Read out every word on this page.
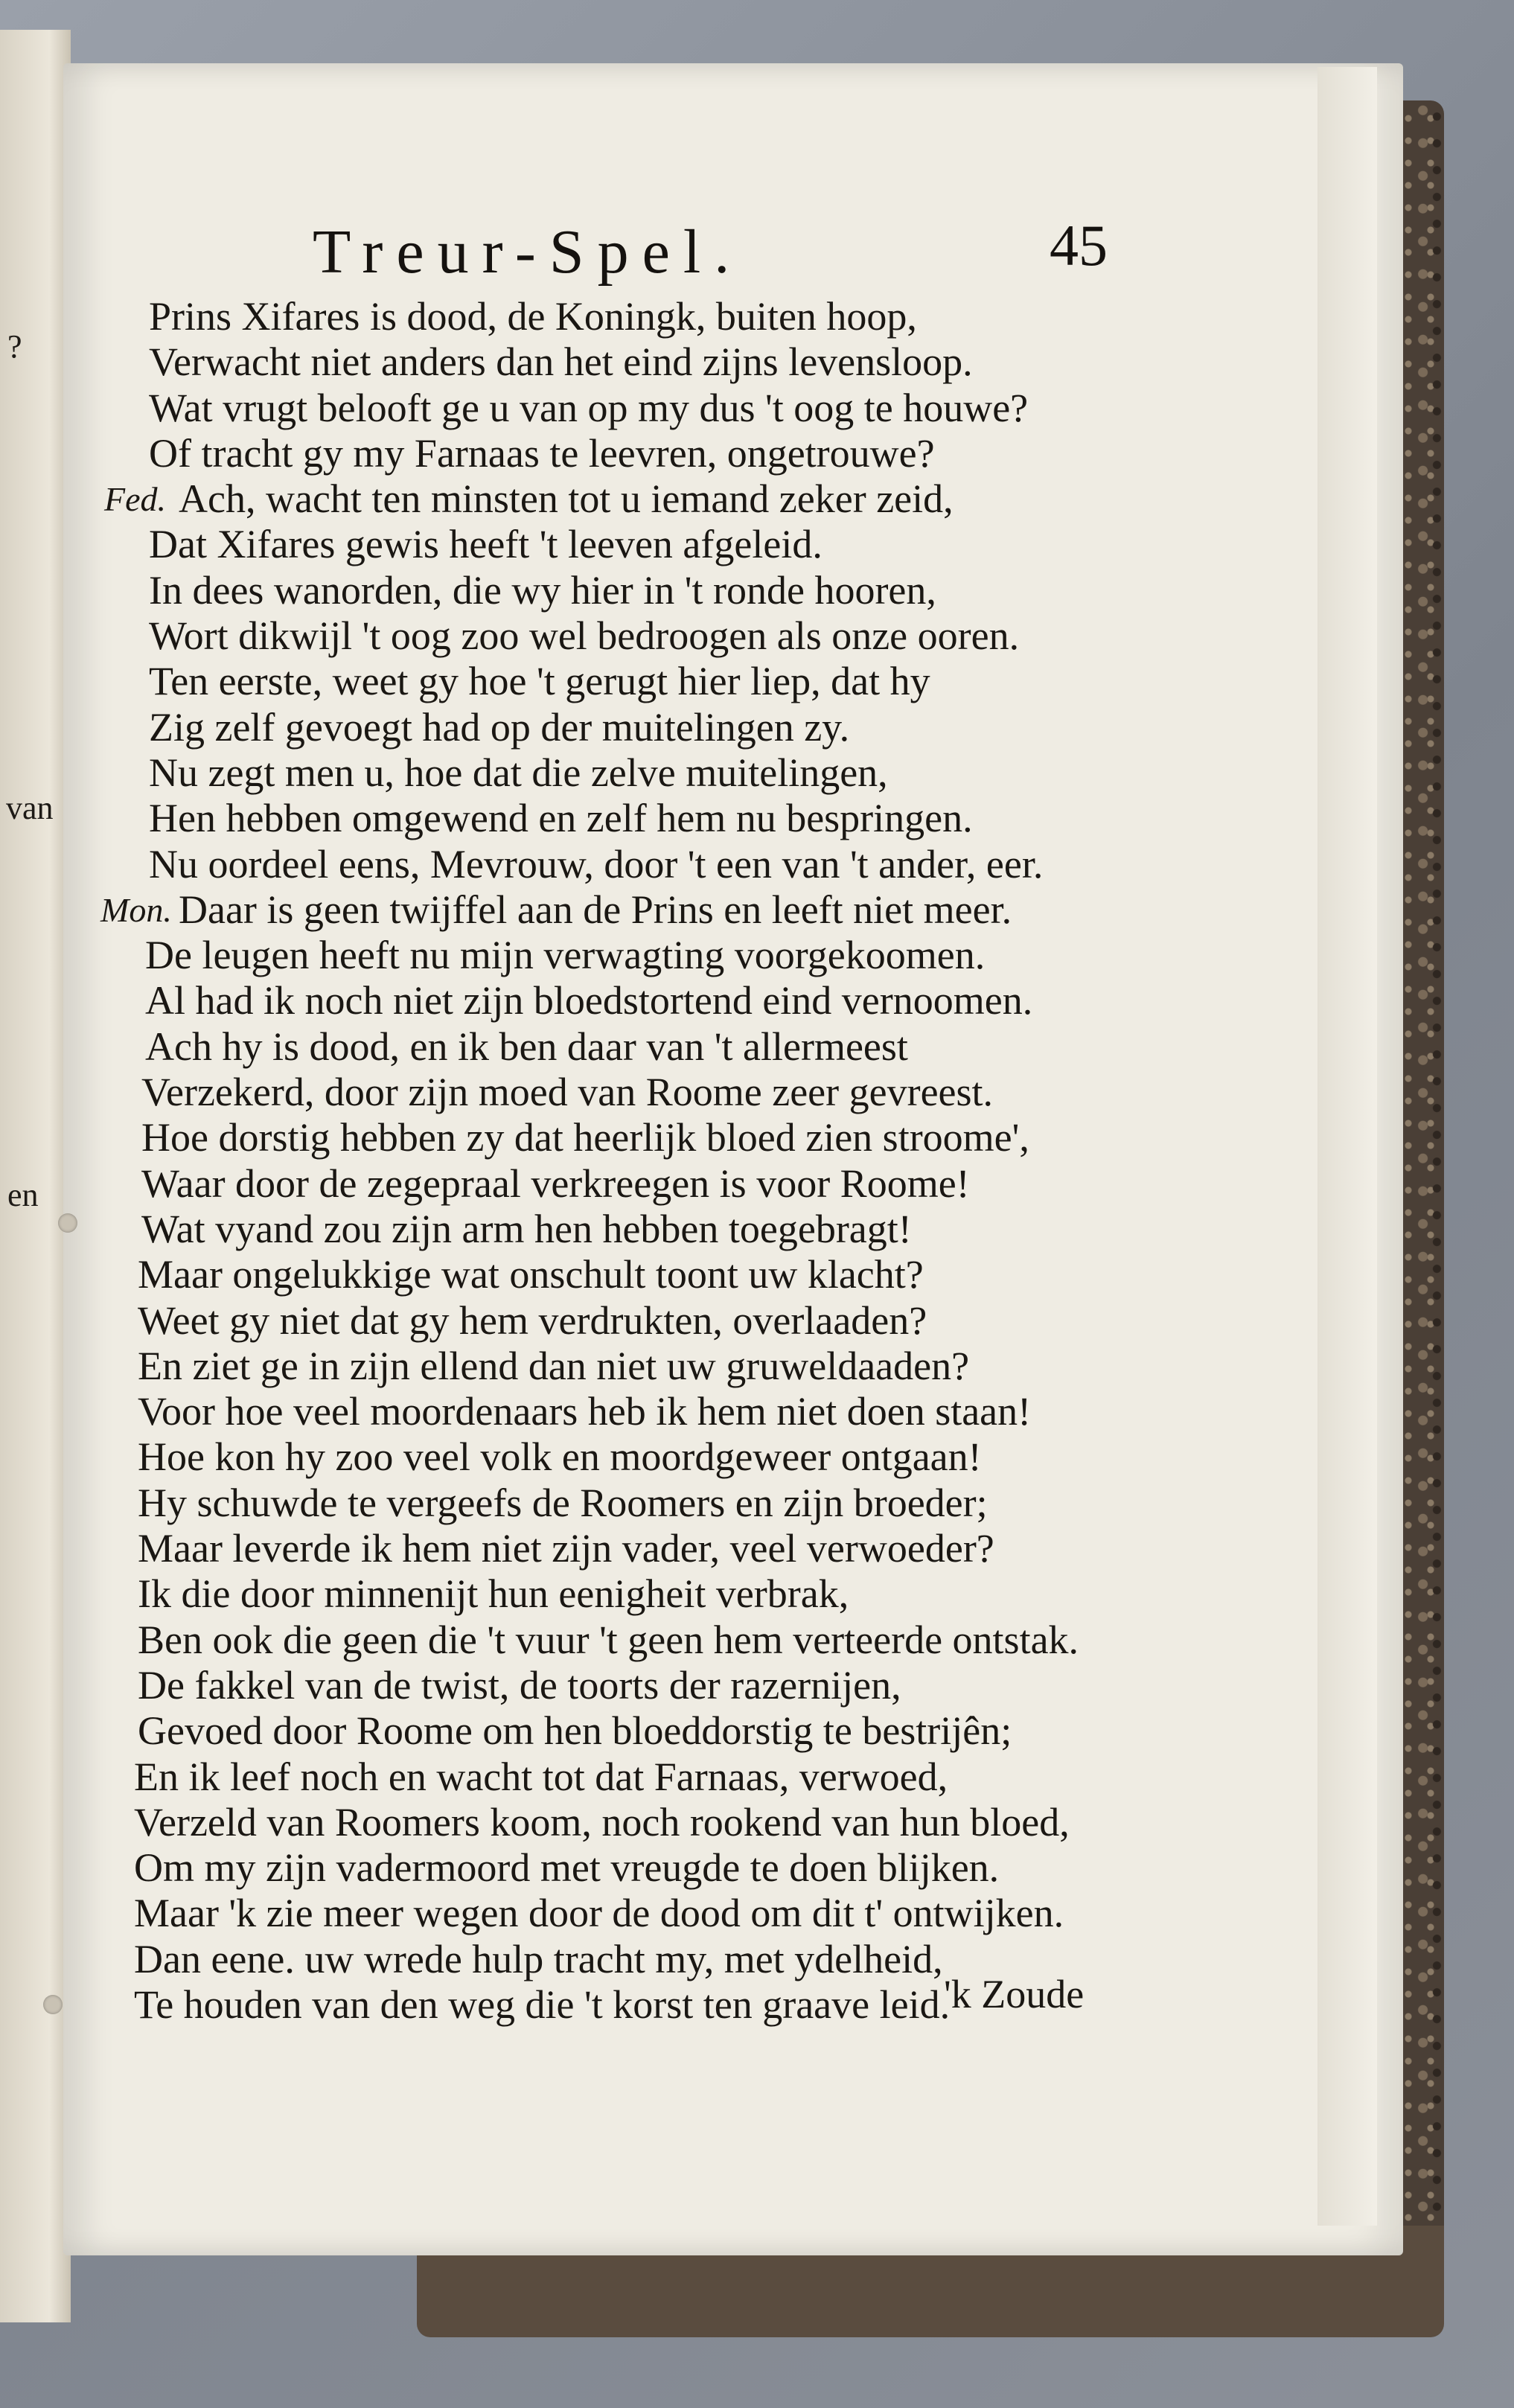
?
van
en
Treur-Spel.	45
Prins Xifares is dood, de Koningk, buiten hoop,
Verwacht niet anders dan het eind zijns levensloop.
Wat vrugt belooft ge u van op my dus 't oog te houwe?
Of tracht gy my Farnaas te leevren, ongetrouwe?
Fed. Ach, wacht ten minsten tot u iemand zeker zeid,
Dat Xifares gewis heeft 't leeven afgeleid.
In dees wanorden, die wy hier in 't ronde hooren,
Wort dikwijl 't oog zoo wel bedroogen als onze ooren.
Ten eerste, weet gy hoe 't gerugt hier liep, dat hy
Zig zelf gevoegt had op der muitelingen zy.
Nu zegt men u, hoe dat die zelve muitelingen,
Hen hebben omgewend en zelf hem nu bespringen.
Nu oordeel eens, Mevrouw, door 't een van 't ander, eer.
Mon. Daar is geen twijffel aan de Prins en leeft niet meer.
De leugen heeft nu mijn verwagting voorgekoomen.
Al had ik noch niet zijn bloedstortend eind vernoomen.
Ach hy is dood, en ik ben daar van 't allermeest
Verzekerd, door zijn moed van Roome zeer gevreest.
Hoe dorstig hebben zy dat heerlijk bloed zien stroome',
Waar door de zegepraal verkreegen is voor Roome!
Wat vyand zou zijn arm hen hebben toegebragt!
Maar ongelukkige wat onschult toont uw klacht?
Weet gy niet dat gy hem verdrukten, overlaaden?
En ziet ge in zijn ellend dan niet uw gruweldaaden?
Voor hoe veel moordenaars heb ik hem niet doen staan!
Hoe kon hy zoo veel volk en moordgeweer ontgaan!
Hy schuwde te vergeefs de Roomers en zijn broeder;
Maar leverde ik hem niet zijn vader, veel verwoeder?
Ik die door minnenijt hun eenigheit verbrak,
Ben ook die geen die 't vuur 't geen hem verteerde ontstak.
De fakkel van de twist, de toorts der razernijen,
Gevoed door Roome om hen bloeddorstig te bestrijên;
En ik leef noch en wacht tot dat Farnaas, verwoed,
Verzeld van Roomers koom, noch rookend van hun bloed,
Om my zijn vadermoord met vreugde te doen blijken.
Maar 'k zie meer wegen door de dood om dit t' ontwijken.
Dan eene. uw wrede hulp tracht my, met ydelheid,
Te houden van den weg die 't korst ten graave leid.
'k Zoude
